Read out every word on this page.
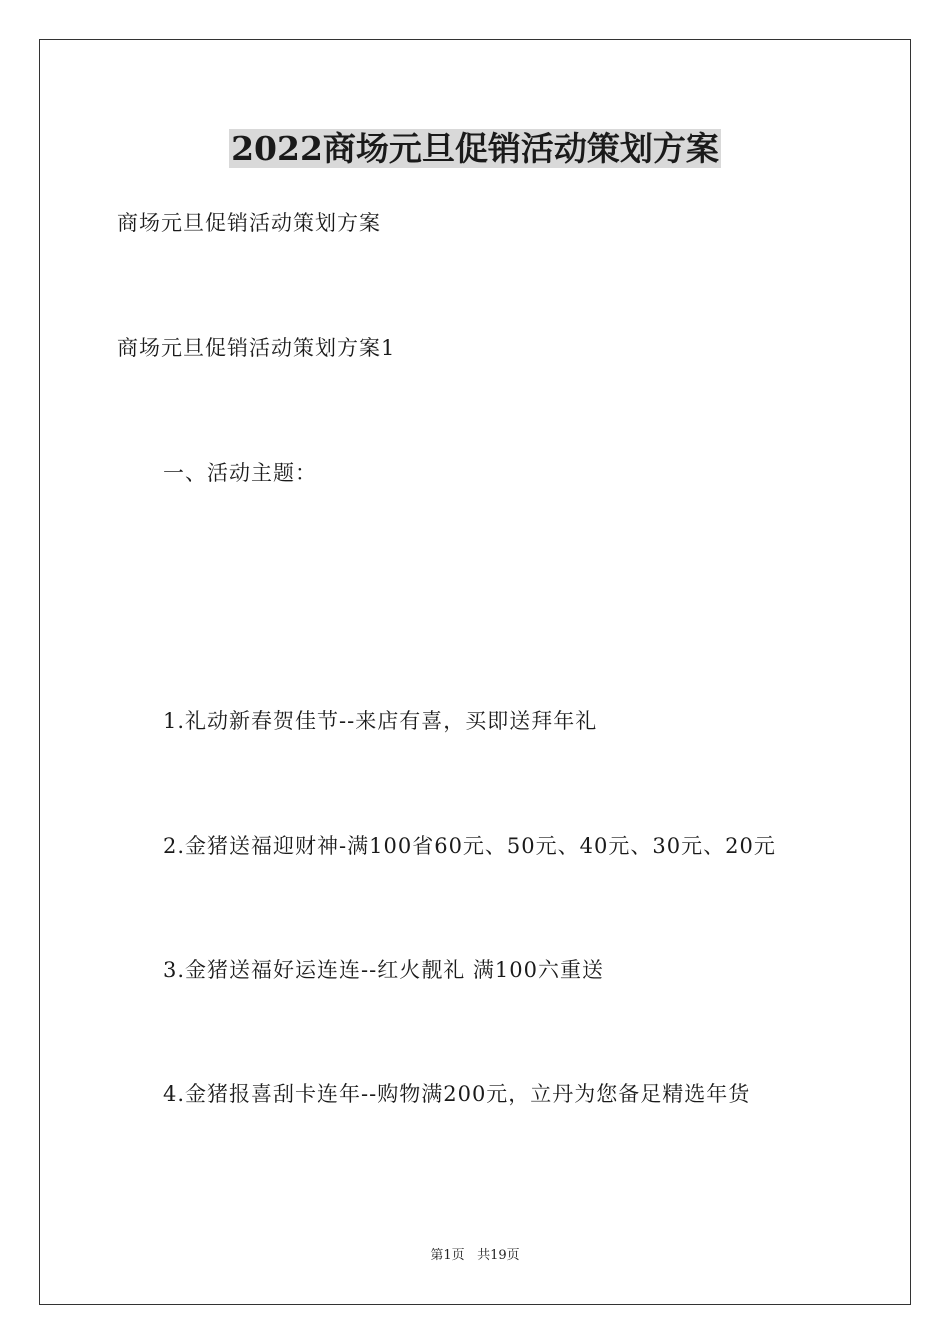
2022商场元旦促销活动策划方案

商场元旦促销活动策划方案

商场元旦促销活动策划方案1

一、活动主题：

1.礼动新春贺佳节--来店有喜，买即送拜年礼

2.金猪送福迎财神-满100省60元、50元、40元、30元、20元

3.金猪送福好运连连--红火靓礼 满100六重送

4.金猪报喜刮卡连年--购物满200元，立丹为您备足精选年货

第1页 共19页
